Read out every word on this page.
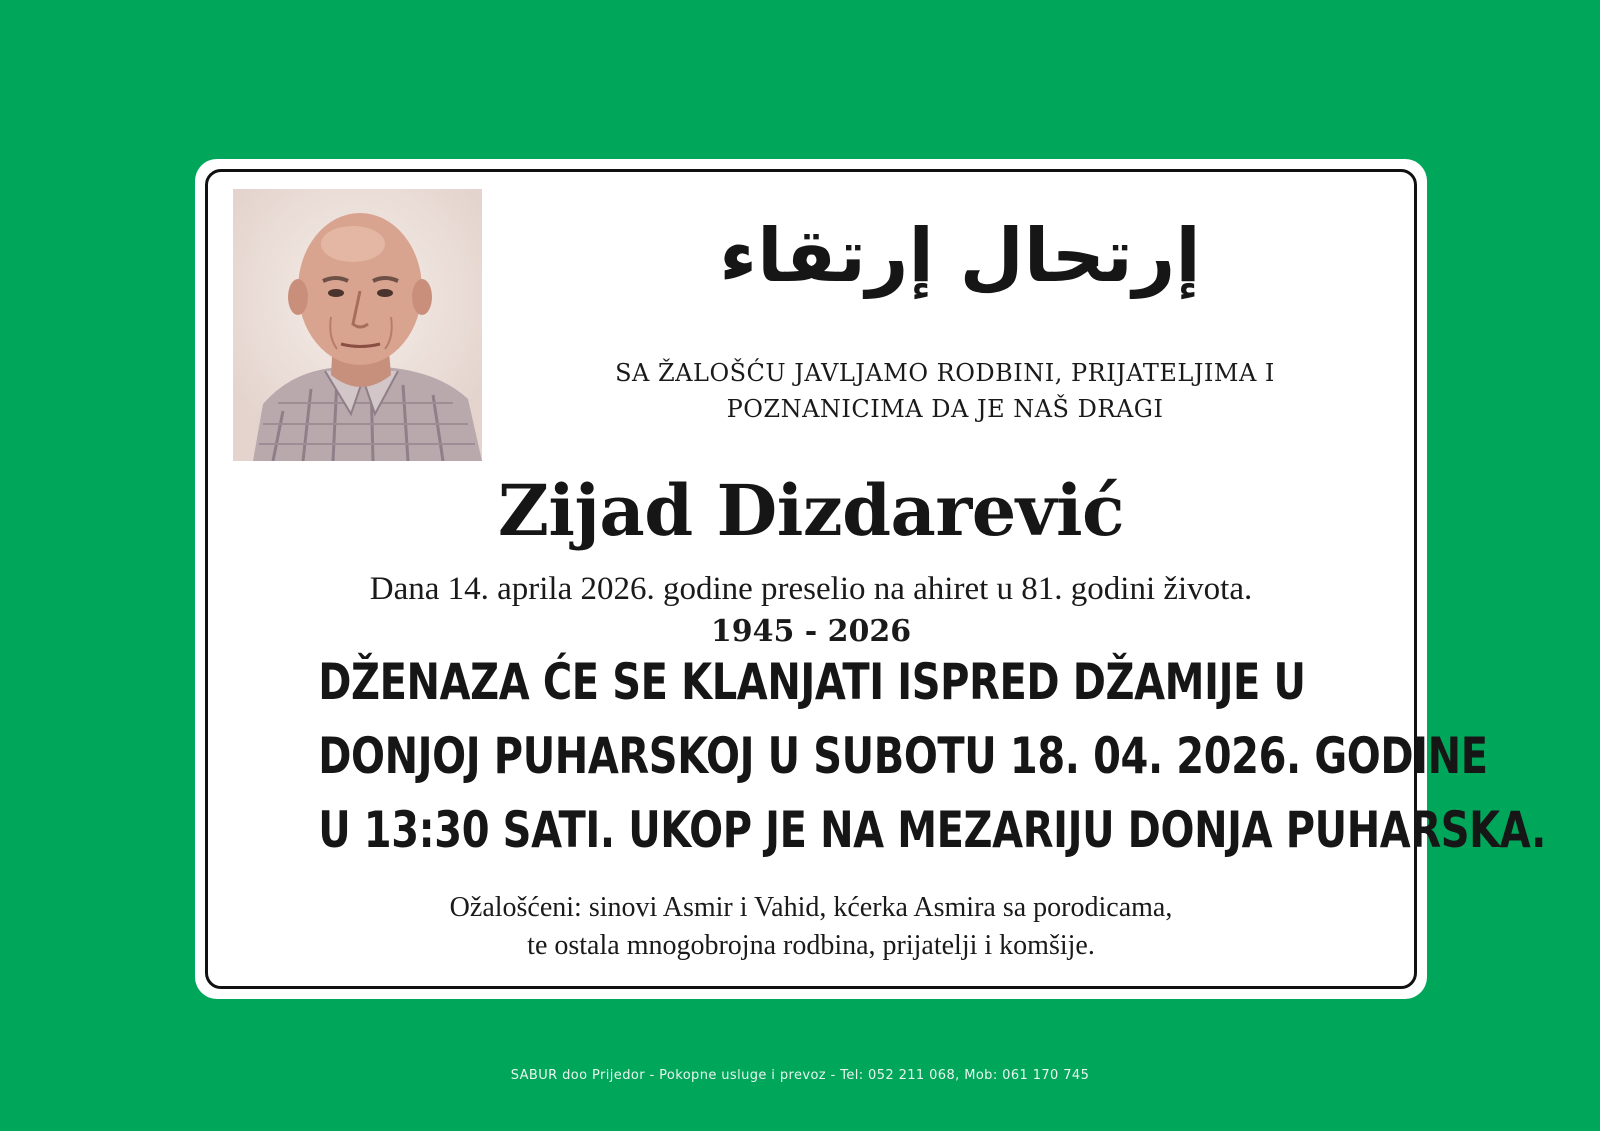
إرتحال إرتقاء
SA ŽALOŠĆU JAVLJAMO RODBINI, PRIJATELJIMA I
POZNANICIMA DA JE NAŠ DRAGI
Zijad Dizdarević
Dana 14. aprila 2026. godine preselio na ahiret u 81. godini života.
1945 - 2026
DŽENAZA ĆE SE KLANJATI ISPRED DŽAMIJE U
DONJOJ PUHARSKOJ U SUBOTU 18. 04. 2026. GODINE
U 13:30 SATI. UKOP JE NA MEZARIJU DONJA PUHARSKA.
Ožalošćeni: sinovi Asmir i Vahid, kćerka Asmira sa porodicama,
te ostala mnogobrojna rodbina, prijatelji i komšije.
SABUR doo Prijedor - Pokopne usluge i prevoz - Tel: 052 211 068, Mob: 061 170 745
